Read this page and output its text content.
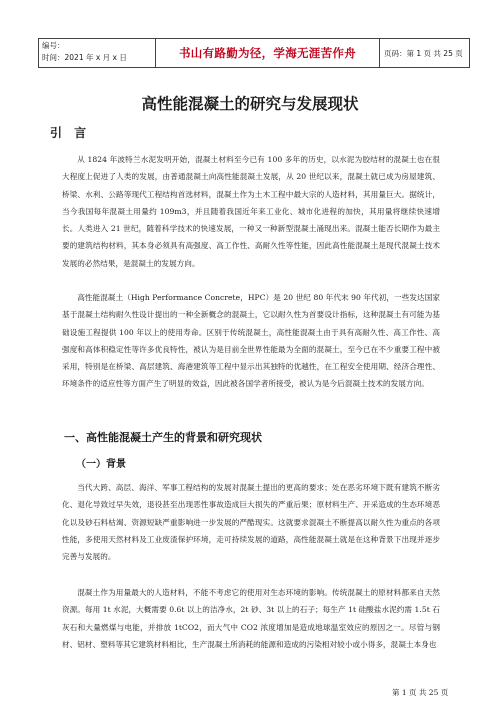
编号：
时间：2021 年 x 月 x 日	书山有路勤为径，学海无涯苦作舟	页码：第 1 页 共 25 页
高性能混凝土的研究与发展现状
引 言
从 1824 年波特兰水泥发明开始，混凝土材料至今已有 100 多年的历史，以水泥为胶结材的混凝土也在很大程度上促进了人类的发展，由普通混凝土向高性能混凝土发展，从 20 世纪以来，混凝土就已成为房屋建筑、桥梁、水利、公路等现代工程结构首选材料，混凝土作为土木工程中最大宗的人造材料，其用量巨大。据统计，当今我国每年混凝土用量约 109m3，并且随着我国近年来工业化、城市化进程的加快，其用量将继续快速增长。人类进入 21 世纪，随着科学技术的快速发展，一种又一种新型混凝土涌现出来。混凝土能否长期作为最主要的建筑结构材料，其本身必须具有高强度、高工作性、高耐久性等性能，因此高性能混凝土是现代混凝土技术发展的必然结果，是混凝土的发展方向。
高性能混凝土（High Performance Concrete，HPC）是 20 世纪 80 年代末 90 年代初，一些发达国家基于混凝土结构耐久性设计提出的一种全新概念的混凝土，它以耐久性为首要设计指标，这种混凝土有可能为基础设施工程提供 100 年以上的使用寿命。区别于传统混凝土，高性能混凝土由于具有高耐久性、高工作性、高强度和高体积稳定性等许多优良特性，被认为是目前全世界性能最为全面的混凝土，至今已在不少重要工程中被采用，特别是在桥梁、高层建筑、海港建筑等工程中显示出其独特的优越性，在工程安全使用期、经济合理性、环境条件的适应性等方面产生了明显的效益，因此被各国学者所接受，被认为是今后混凝土技术的发展方向。
一、高性能混凝土产生的背景和研究现状
（一）背景
当代大跨、高层、海洋、军事工程结构的发展对混凝土提出的更高的要求；处在恶劣环境下既有建筑不断劣化、退化导致过早失效，退役甚至出现恶性事故造成巨大损失的严重后果；原材料生产、开采造成的生态环境恶化以及砂石料枯竭、资源短缺严重影响进一步发展的严酷现实。这就要求混凝土不断提高以耐久性为重点的各项性能，多使用天然材料及工业废渣保护环境，走可持续发展的道路，高性能混凝土就是在这种背景下出现并逐步完善与发展的。
混凝土作为用量最大的人造材料，不能不考虑它的使用对生态环境的影响。传统混凝土的原材料都来自天然资源。每用 1t 水泥，大概需要 0.6t 以上的洁净水，2t 砂、3t 以上的石子；每生产 1t 硅酸盐水泥约需 1.5t 石灰石和大量燃煤与电能，并排放 1tCO2，而大气中 CO2 浓度增加是造成地球温室效应的原因之一。尽管与钢材、铝材、塑料等其它建筑材料相比，生产混凝土所消耗的能源和造成的污染相对较小或小得多，混凝土本身也
第 1 页 共 25 页
